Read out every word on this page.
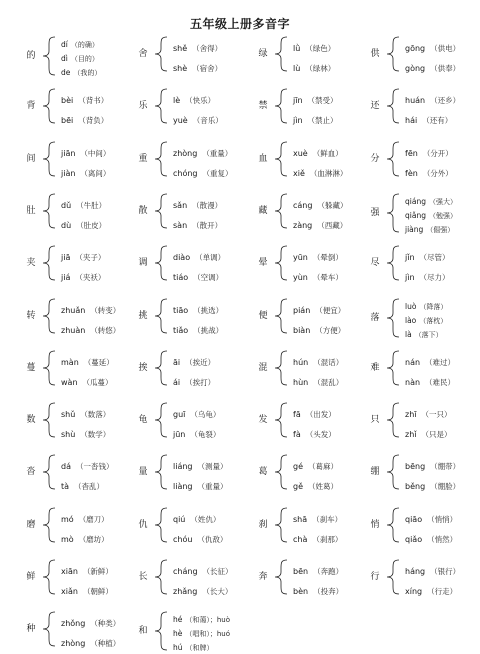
五年级上册多音字
的
dí （的确）
dì （目的）
de （我的）
背
bèi （背书）
bēi （背负）
间
jiān （中间）
jiàn （离间）
肚
dǔ （牛肚）
dù （肚皮）
夹
jiā （夹子）
jiá （夹袄）
转
zhuǎn （转变）
zhuàn （转悠）
蔓
màn （蔓延）
wàn （瓜蔓）
数
shǔ （数落）
shù （数学）
沓
dá （一沓钱）
tà （杳乱）
磨
mó （磨刀）
mò （磨坊）
鲜
xiān （新鲜）
xiǎn （朝鲜）
种
zhǒng （种类）
zhòng （种植）
舍
shě （舍得）
shè （宿舍）
乐
lè （快乐）
yuè （音乐）
重
zhòng （重量）
chóng （重复）
散
sǎn （散漫）
sàn （散开）
调
diào （单调）
tiáo （空调）
挑
tiāo （挑选）
tiǎo （挑战）
挨
āi （挨近）
ái （挨打）
龟
guī （乌龟）
jūn （龟裂）
量
liáng （测量）
liàng （重量）
仇
qiú （姓仇）
chóu （仇敌）
长
cháng （长征）
zhǎng （长大）
和
hé （和蔼）；huò
hè （唱和）；huó
hú （和牌）
绿
lǜ （绿色）
lù （绿林）
禁
jīn （禁受）
jìn （禁止）
血
xuè （鲜血）
xiě （血淋淋）
藏
cáng （躲藏）
zàng （西藏）
晕
yūn （晕倒）
yùn （晕车）
便
pián （便宜）
biàn （方便）
混
hún （混话）
hùn （混乱）
发
fā （出发）
fà （头发）
葛
gé （葛麻）
gě （姓葛）
刹
shā （刹车）
chà （刹那）
奔
bēn （奔跑）
bèn （投奔）
供
gōng （供电）
gòng （供奉）
还
huán （还乡）
hái （还有）
分
fēn （分开）
fèn （分外）
强
qiáng （强大）
qiǎng （勉强）
jiàng （倔强）
尽
jǐn （尽管）
jìn （尽力）
落
luò （降落）
lào （落枕）
là （落下）
难
nán （难过）
nàn （难民）
只
zhī （一只）
zhǐ （只是）
绷
bēng （绷带）
běng （绷脸）
悄
qiāo （悄悄）
qiǎo （悄然）
行
háng （银行）
xíng （行走）
